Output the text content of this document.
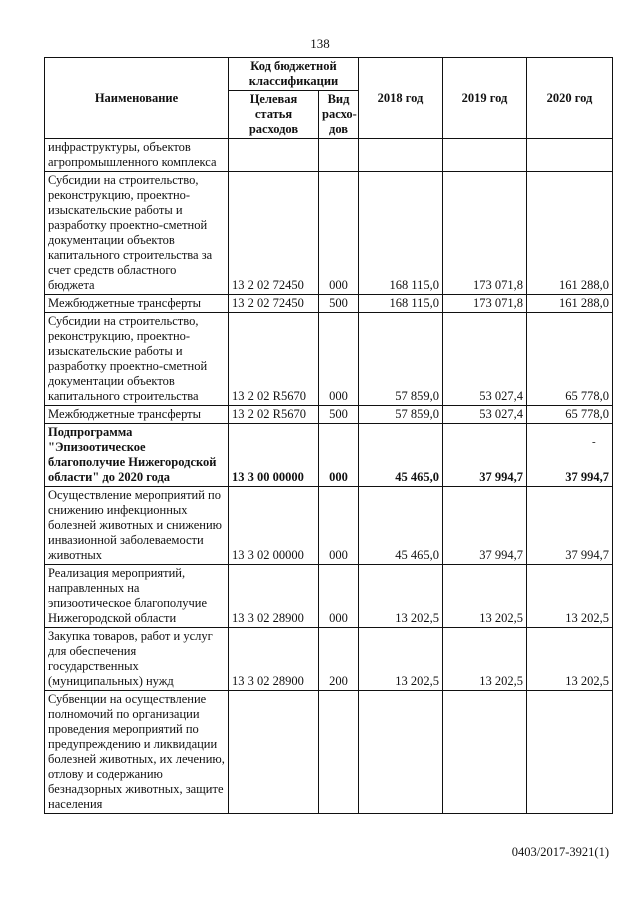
138
Наименование	Код бюджетной классификации		2018 год	2019 год	2020 год
	Целевая статья расходов	Вид расхо-дов			
инфраструктуры, объектов агропромышленного комплекса					
Субсидии на строительство, реконструкцию, проектно-изыскательские работы и разработку проектно-сметной документации объектов капитального строительства за счет средств областного бюджета	13 2 02 72450	000	168 115,0	173 071,8	161 288,0
Межбюджетные трансферты	13 2 02 72450	500	168 115,0	173 071,8	161 288,0
Субсидии на строительство, реконструкцию, проектно-изыскательские работы и разработку проектно-сметной документации объектов капитального строительства	13 2 02 R5670	000	57 859,0	53 027,4	65 778,0
Межбюджетные трансферты	13 2 02 R5670	500	57 859,0	53 027,4	65 778,0
Подпрограмма "Эпизоотическое благополучие Нижегородской области" до 2020 года	13 3 00 00000	000	45 465,0	37 994,7	37 994,7
Осуществление мероприятий по снижению инфекционных болезней животных и снижению инвазионной заболеваемости животных	13 3 02 00000	000	45 465,0	37 994,7	37 994,7
Реализация мероприятий, направленных на эпизоотическое благополучие Нижегородской области	13 3 02 28900	000	13 202,5	13 202,5	13 202,5
Закупка товаров, работ и услуг для обеспечения государственных (муниципальных) нужд	13 3 02 28900	200	13 202,5	13 202,5	13 202,5
Субвенции на осуществление полномочий по организации проведения мероприятий по предупреждению и ликвидации болезней животных, их лечению, отлову и содержанию безнадзорных животных, защите населения					
-
0403/2017-3921(1)
